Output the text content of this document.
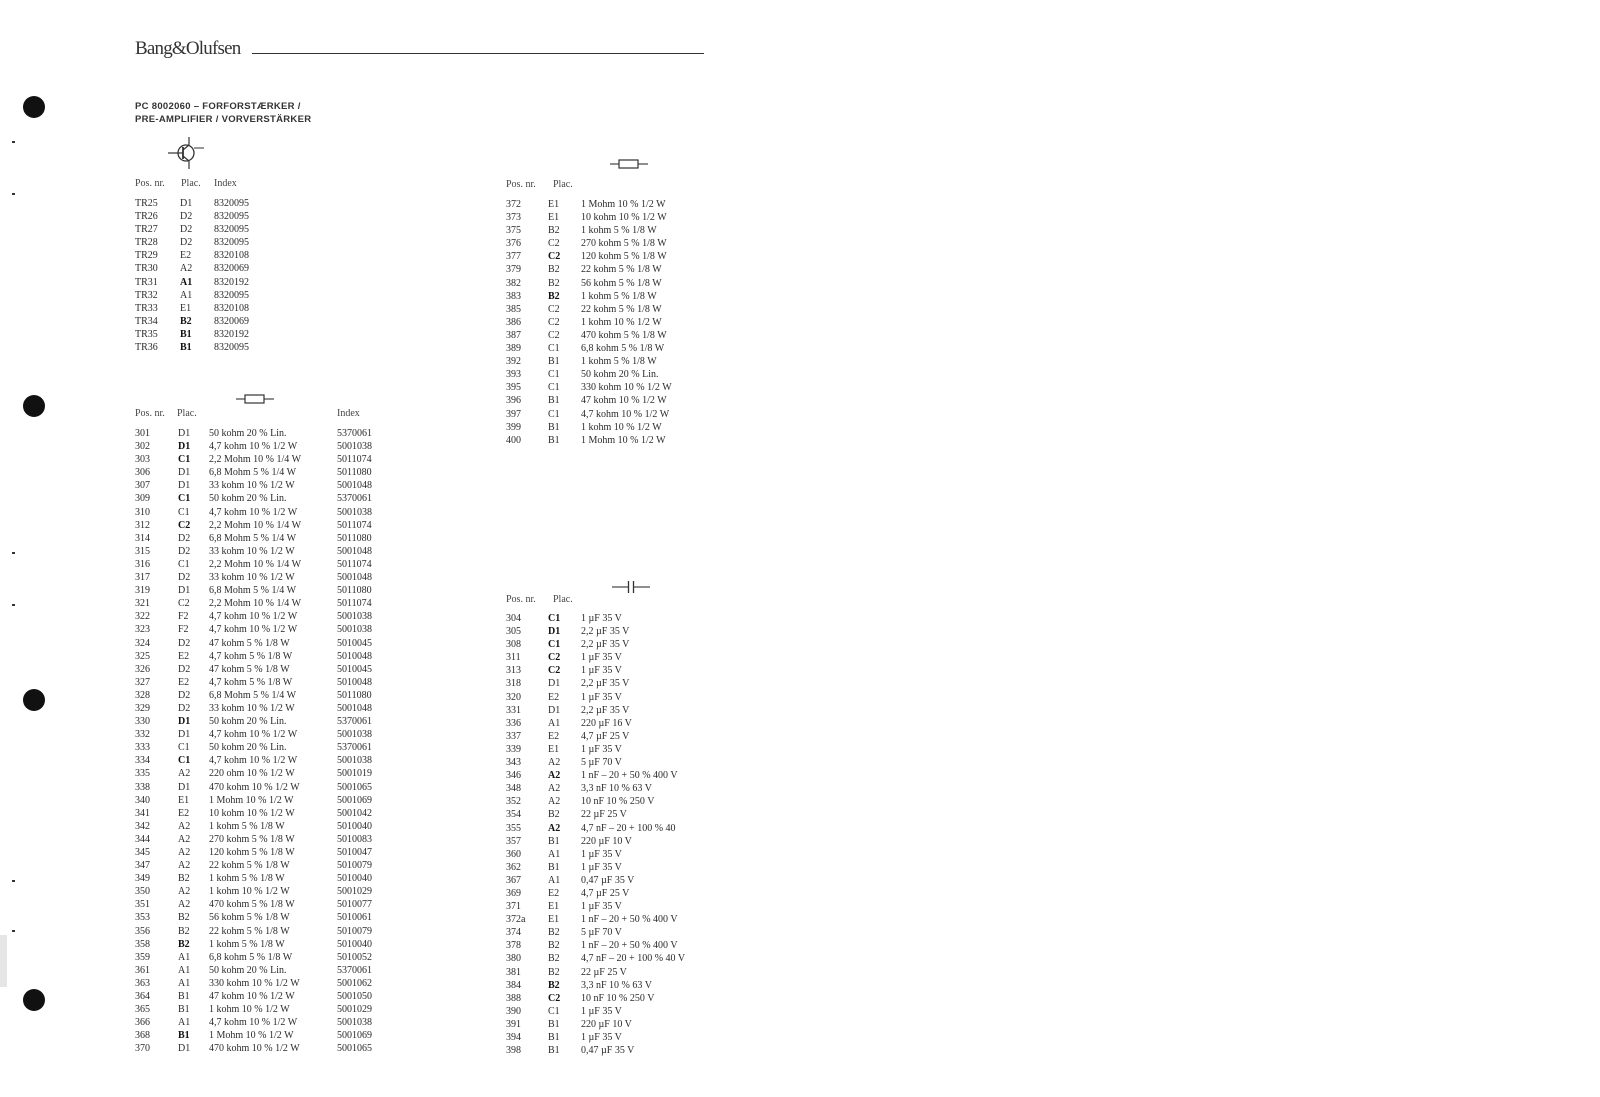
Bang&Olufsen
PC 8002060 – FORFORSTÆRKER /
PRE-AMPLIFIER / VORVERSTÄRKER
Pos. nr. Plac. Index
TR25	D1	8320095
TR26	D2	8320095
TR27	D2	8320095
TR28	D2	8320095
TR29	E2	8320108
TR30	A2	8320069
TR31	A1	8320192
TR32	A1	8320095
TR33	E1	8320108
TR34	B2	8320069
TR35	B1	8320192
TR36	B1	8320095
Pos. nr. Plac.	Index
301	D1	50 kohm 20 % Lin.	5370061
302	D1	4,7 kohm 10 % 1/2 W	5001038
303	C1	2,2 Mohm 10 % 1/4 W	5011074
306	D1	6,8 Mohm 5 % 1/4 W	5011080
307	D1	33 kohm 10 % 1/2 W	5001048
309	C1	50 kohm 20 % Lin.	5370061
310	C1	4,7 kohm 10 % 1/2 W	5001038
312	C2	2,2 Mohm 10 % 1/4 W	5011074
314	D2	6,8 Mohm 5 % 1/4 W	5011080
315	D2	33 kohm 10 % 1/2 W	5001048
316	C1	2,2 Mohm 10 % 1/4 W	5011074
317	D2	33 kohm 10 % 1/2 W	5001048
319	D1	6,8 Mohm 5 % 1/4 W	5011080
321	C2	2,2 Mohm 10 % 1/4 W	5011074
322	F2	4,7 kohm 10 % 1/2 W	5001038
323	F2	4,7 kohm 10 % 1/2 W	5001038
324	D2	47 kohm 5 % 1/8 W	5010045
325	E2	4,7 kohm 5 % 1/8 W	5010048
326	D2	47 kohm 5 % 1/8 W	5010045
327	E2	4,7 kohm 5 % 1/8 W	5010048
328	D2	6,8 Mohm 5 % 1/4 W	5011080
329	D2	33 kohm 10 % 1/2 W	5001048
330	D1	50 kohm 20 % Lin.	5370061
332	D1	4,7 kohm 10 % 1/2 W	5001038
333	C1	50 kohm 20 % Lin.	5370061
334	C1	4,7 kohm 10 % 1/2 W	5001038
335	A2	220 ohm 10 % 1/2 W	5001019
338	D1	470 kohm 10 % 1/2 W	5001065
340	E1	1 Mohm 10 % 1/2 W	5001069
341	E2	10 kohm 10 % 1/2 W	5001042
342	A2	1 kohm 5 % 1/8 W	5010040
344	A2	270 kohm 5 % 1/8 W	5010083
345	A2	120 kohm 5 % 1/8 W	5010047
347	A2	22 kohm 5 % 1/8 W	5010079
349	B2	1 kohm 5 % 1/8 W	5010040
350	A2	1 kohm 10 % 1/2 W	5001029
351	A2	470 kohm 5 % 1/8 W	5010077
353	B2	56 kohm 5 % 1/8 W	5010061
356	B2	22 kohm 5 % 1/8 W	5010079
358	B2	1 kohm 5 % 1/8 W	5010040
359	A1	6,8 kohm 5 % 1/8 W	5010052
361	A1	50 kohm 20 % Lin.	5370061
363	A1	330 kohm 10 % 1/2 W	5001062
364	B1	47 kohm 10 % 1/2 W	5001050
365	B1	1 kohm 10 % 1/2 W	5001029
366	A1	4,7 kohm 10 % 1/2 W	5001038
368	B1	1 Mohm 10 % 1/2 W	5001069
370	D1	470 kohm 10 % 1/2 W	5001065
Pos. nr. Plac.
372	E1	1 Mohm 10 % 1/2 W
373	E1	10 kohm 10 % 1/2 W
375	B2	1 kohm 5 % 1/8 W
376	C2	270 kohm 5 % 1/8 W
377	C2	120 kohm 5 % 1/8 W
379	B2	22 kohm 5 % 1/8 W
382	B2	56 kohm 5 % 1/8 W
383	B2	1 kohm 5 % 1/8 W
385	C2	22 kohm 5 % 1/8 W
386	C2	1 kohm 10 % 1/2 W
387	C2	470 kohm 5 % 1/8 W
389	C1	6,8 kohm 5 % 1/8 W
392	B1	1 kohm 5 % 1/8 W
393	C1	50 kohm 20 % Lin.
395	C1	330 kohm 10 % 1/2 W
396	B1	47 kohm 10 % 1/2 W
397	C1	4,7 kohm 10 % 1/2 W
399	B1	1 kohm 10 % 1/2 W
400	B1	1 Mohm 10 % 1/2 W
Pos. nr. Plac.
304	C1	1 µF 35 V
305	D1	2,2 µF 35 V
308	C1	2,2 µF 35 V
311	C2	1 µF 35 V
313	C2	1 µF 35 V
318	D1	2,2 µF 35 V
320	E2	1 µF 35 V
331	D1	2,2 µF 35 V
336	A1	220 µF 16 V
337	E2	4,7 µF 25 V
339	E1	1 µF 35 V
343	A2	5 µF 70 V
346	A2	1 nF – 20 + 50 % 400 V
348	A2	3,3 nF 10 % 63 V
352	A2	10 nF 10 % 250 V
354	B2	22 µF 25 V
355	A2	4,7 nF – 20 + 100 % 40
357	B1	220 µF 10 V
360	A1	1 µF 35 V
362	B1	1 µF 35 V
367	A1	0,47 µF 35 V
369	E2	4,7 µF 25 V
371	E1	1 µF 35 V
372a	E1	1 nF – 20 + 50 % 400 V
374	B2	5 µF 70 V
378	B2	1 nF – 20 + 50 % 400 V
380	B2	4,7 nF – 20 + 100 % 40 V
381	B2	22 µF 25 V
384	B2	3,3 nF 10 % 63 V
388	C2	10 nF 10 % 250 V
390	C1	1 µF 35 V
391	B1	220 µF 10 V
394	B1	1 µF 35 V
398	B1	0,47 µF 35 V
